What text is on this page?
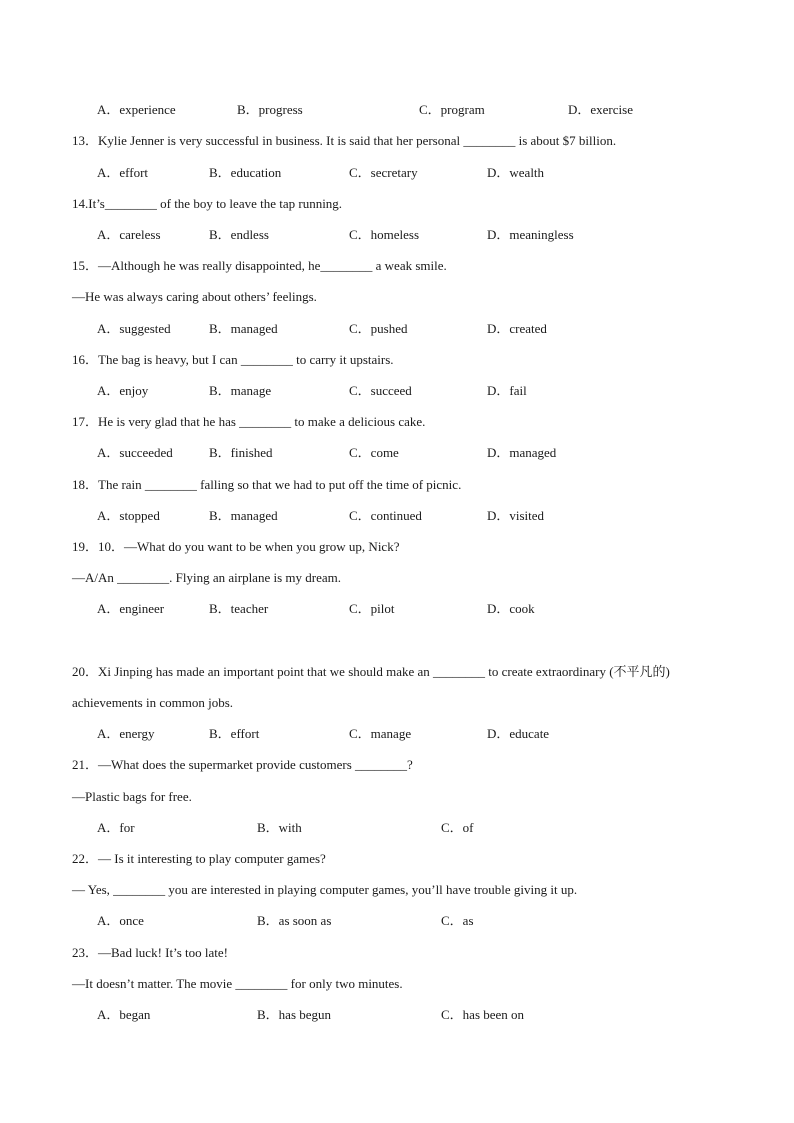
A．experience	B．progress	C．program	D．exercise
13．Kylie Jenner is very successful in business. It is said that her personal ________ is about $7 billion.
A．effort	B．education	C．secretary	D．wealth
14.It’s________ of the boy to leave the tap running.
A．careless	B．endless	C．homeless	D．meaningless
15．—Although he was really disappointed, he________ a weak smile.
—He was always caring about others’ feelings.
A．suggested	B．managed	C．pushed	D．created
16．The bag is heavy, but I can ________ to carry it upstairs.
A．enjoy	B．manage	C．succeed	D．fail
17．He is very glad that he has ________ to make a delicious cake.
A．succeeded	B．finished	C．come	D．managed
18．The rain ________ falling so that we had to put off the time of picnic.
A．stopped	B．managed	C．continued	D．visited
19．10．—What do you want to be when you grow up, Nick?
—A/An ________. Flying an airplane is my dream.
A．engineer	B．teacher	C．pilot	D．cook
20．Xi Jinping has made an important point that we should make an ________ to create extraordinary (不平凡的)
achievements in common jobs.
A．energy	B．effort	C．manage	D．educate
21．—What does the supermarket provide customers ________?
—Plastic bags for free.
A．for	B．with	C．of
22．— Is it interesting to play computer games?
— Yes, ________ you are interested in playing computer games, you’ll have trouble giving it up.
A．once	B．as soon as	C．as
23．—Bad luck! It’s too late!
—It doesn’t matter. The movie ________ for only two minutes.
A．began	B．has begun	C．has been on
